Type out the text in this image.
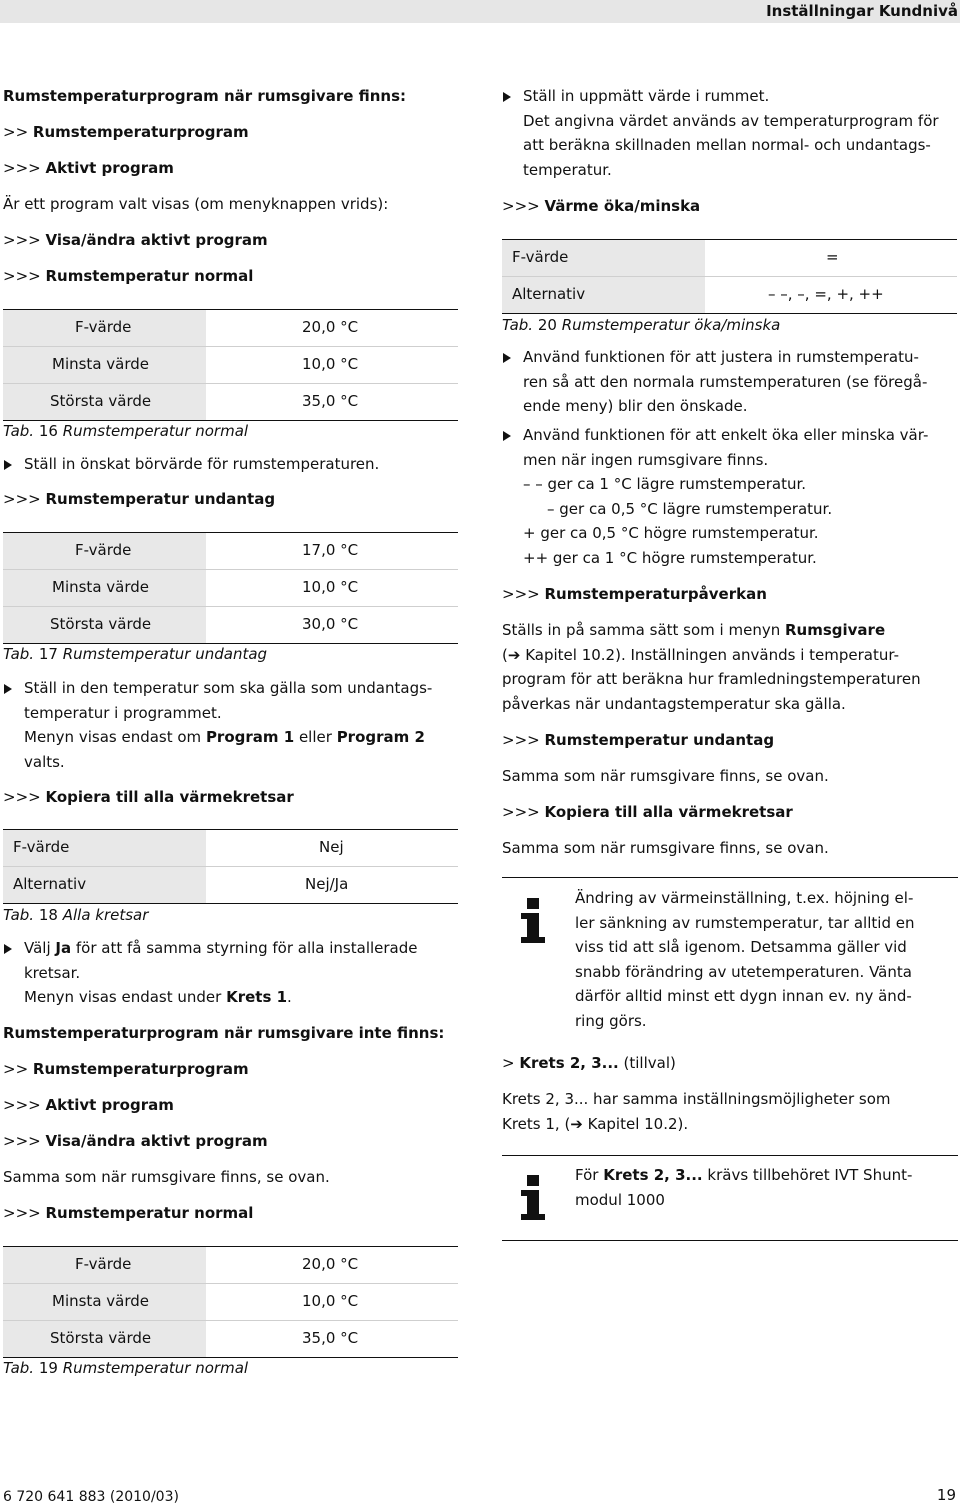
Inställningar Kundnivå
Rumstemperaturprogram när rumsgivare finns:
>> Rumstemperaturprogram
>>> Aktivt program
Är ett program valt visas (om menyknappen vrids):
>>> Visa/ändra aktivt program
>>> Rumstemperatur normal
F-värde	20,0 °C
Minsta värde	10,0 °C
Största värde	35,0 °C
Tab. 16 Rumstemperatur normal
Ställ in önskat börvärde för rumstemperaturen.
>>> Rumstemperatur undantag
F-värde	17,0 °C
Minsta värde	10,0 °C
Största värde	30,0 °C
Tab. 17 Rumstemperatur undantag
Ställ in den temperatur som ska gälla som undantags-
temperatur i programmet.
Menyn visas endast om Program 1 eller Program 2
valts.
>>> Kopiera till alla värmekretsar
F-värde	Nej
Alternativ	Nej/Ja
Tab. 18 Alla kretsar
Välj Ja för att få samma styrning för alla installerade
kretsar.
Menyn visas endast under Krets 1.
Rumstemperaturprogram när rumsgivare inte finns:
>> Rumstemperaturprogram
>>> Aktivt program
>>> Visa/ändra aktivt program
Samma som när rumsgivare finns, se ovan.
>>> Rumstemperatur normal
F-värde	20,0 °C
Minsta värde	10,0 °C
Största värde	35,0 °C
Tab. 19 Rumstemperatur normal
Ställ in uppmätt värde i rummet.
Det angivna värdet används av temperaturprogram för
att beräkna skillnaden mellan normal- och undantags-
temperatur.
>>> Värme öka/minska
F-värde	=
Alternativ	– –, –, =, +, ++
Tab. 20 Rumstemperatur öka/minska
Använd funktionen för att justera in rumstemperatu-
ren så att den normala rumstemperaturen (se föregå-
ende meny) blir den önskade.
Använd funktionen för att enkelt öka eller minska vär-
men när ingen rumsgivare finns.
– – ger ca 1 °C lägre rumstemperatur.
– ger ca 0,5 °C lägre rumstemperatur.
+ ger ca 0,5 °C högre rumstemperatur.
++ ger ca 1 °C högre rumstemperatur.
>>> Rumstemperaturpåverkan
Ställs in på samma sätt som i menyn Rumsgivare
(➔ Kapitel 10.2). Inställningen används i temperatur-
program för att beräkna hur framledningstemperaturen
påverkas när undantagstemperatur ska gälla.
>>> Rumstemperatur undantag
Samma som när rumsgivare finns, se ovan.
>>> Kopiera till alla värmekretsar
Samma som när rumsgivare finns, se ovan.
Ändring av värmeinställning, t.ex. höjning el-
ler sänkning av rumstemperatur, tar alltid en
viss tid att slå igenom. Detsamma gäller vid
snabb förändring av utetemperaturen. Vänta
därför alltid minst ett dygn innan ev. ny änd-
ring görs.
> Krets 2, 3... (tillval)
Krets 2, 3... har samma inställningsmöjligheter som
Krets 1, (➔ Kapitel 10.2).
För Krets 2, 3... krävs tillbehöret IVT Shunt-
modul 1000
6 720 641 883 (2010/03)	19
